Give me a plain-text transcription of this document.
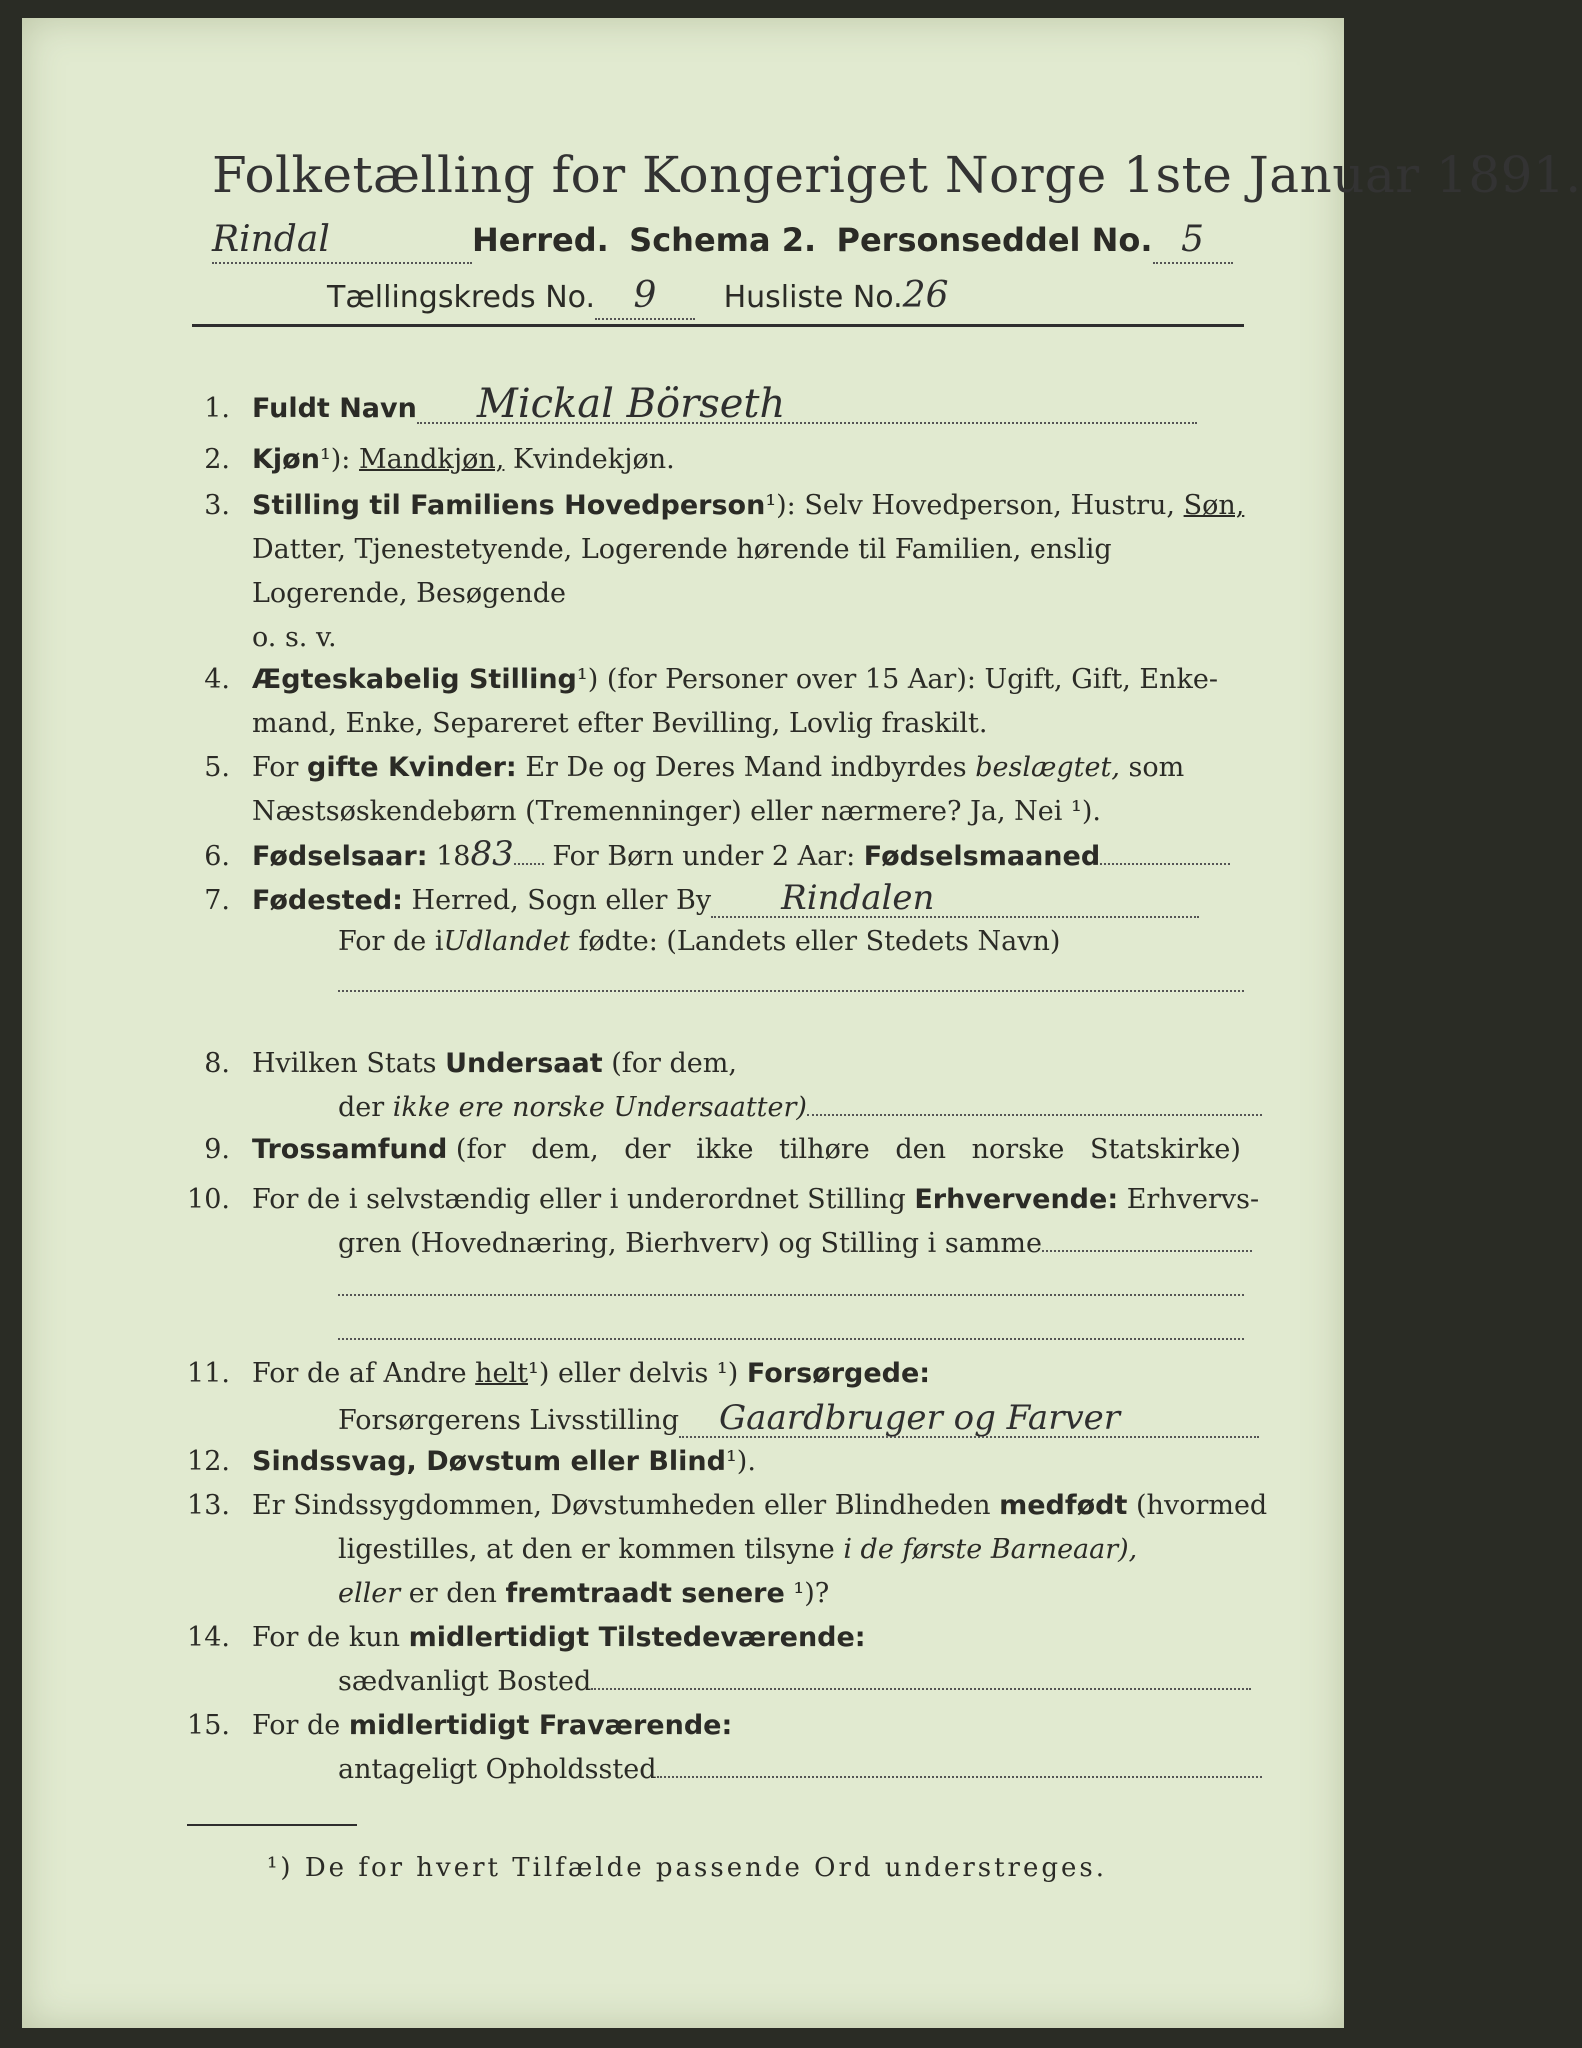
Folketælling for Kongeriget Norge 1ste Januar 1891.
Rindal	Herred. Schema 2. Personseddel No. 5
Tællingskreds No. 9 Husliste No.26
1. Fuldt Navn Mickal Börseth
2. Kjøn¹): Mandkjøn, Kvindekjøn.
3. Stilling til Familiens Hovedperson¹): Selv Hovedperson, Hustru, Søn,
Datter, Tjenestetyende, Logerende hørende til Familien, enslig
Logerende, Besøgende
o. s. v.
4. Ægteskabelig Stilling¹) (for Personer over 15 Aar): Ugift, Gift, Enke-
mand, Enke, Separeret efter Bevilling, Lovlig fraskilt.
5. For gifte Kvinder: Er De og Deres Mand indbyrdes beslægtet, som
Næstsøskendebørn (Tremenninger) eller nærmere? Ja, Nei ¹).
6. Fødselsaar: 1883 For Børn under 2 Aar: Fødselsmaaned
7. Fødested: Herred, Sogn eller By Rindalen
For de iUdlandet fødte: (Landets eller Stedets Navn)
8. Hvilken Stats Undersaat (for dem,
der ikke ere norske Undersaatter)
9. Trossamfund (for dem, der ikke tilhøre den norske Statskirke)
10. For de i selvstændig eller i underordnet Stilling Erhvervende: Erhvervs-
gren (Hovednæring, Bierhverv) og Stilling i samme
11. For de af Andre helt¹) eller delvis ¹) Forsørgede:
Forsørgerens Livsstilling Gaardbruger og Farver
12. Sindssvag, Døvstum eller Blind¹).
13. Er Sindssygdommen, Døvstumheden eller Blindheden medfødt (hvormed
ligestilles, at den er kommen tilsyne i de første Barneaar),
eller er den fremtraadt senere ¹)?
14. For de kun midlertidigt Tilstedeværende:
sædvanligt Bosted
15. For de midlertidigt Fraværende:
antageligt Opholdssted
¹) De for hvert Tilfælde passende Ord understreges.
